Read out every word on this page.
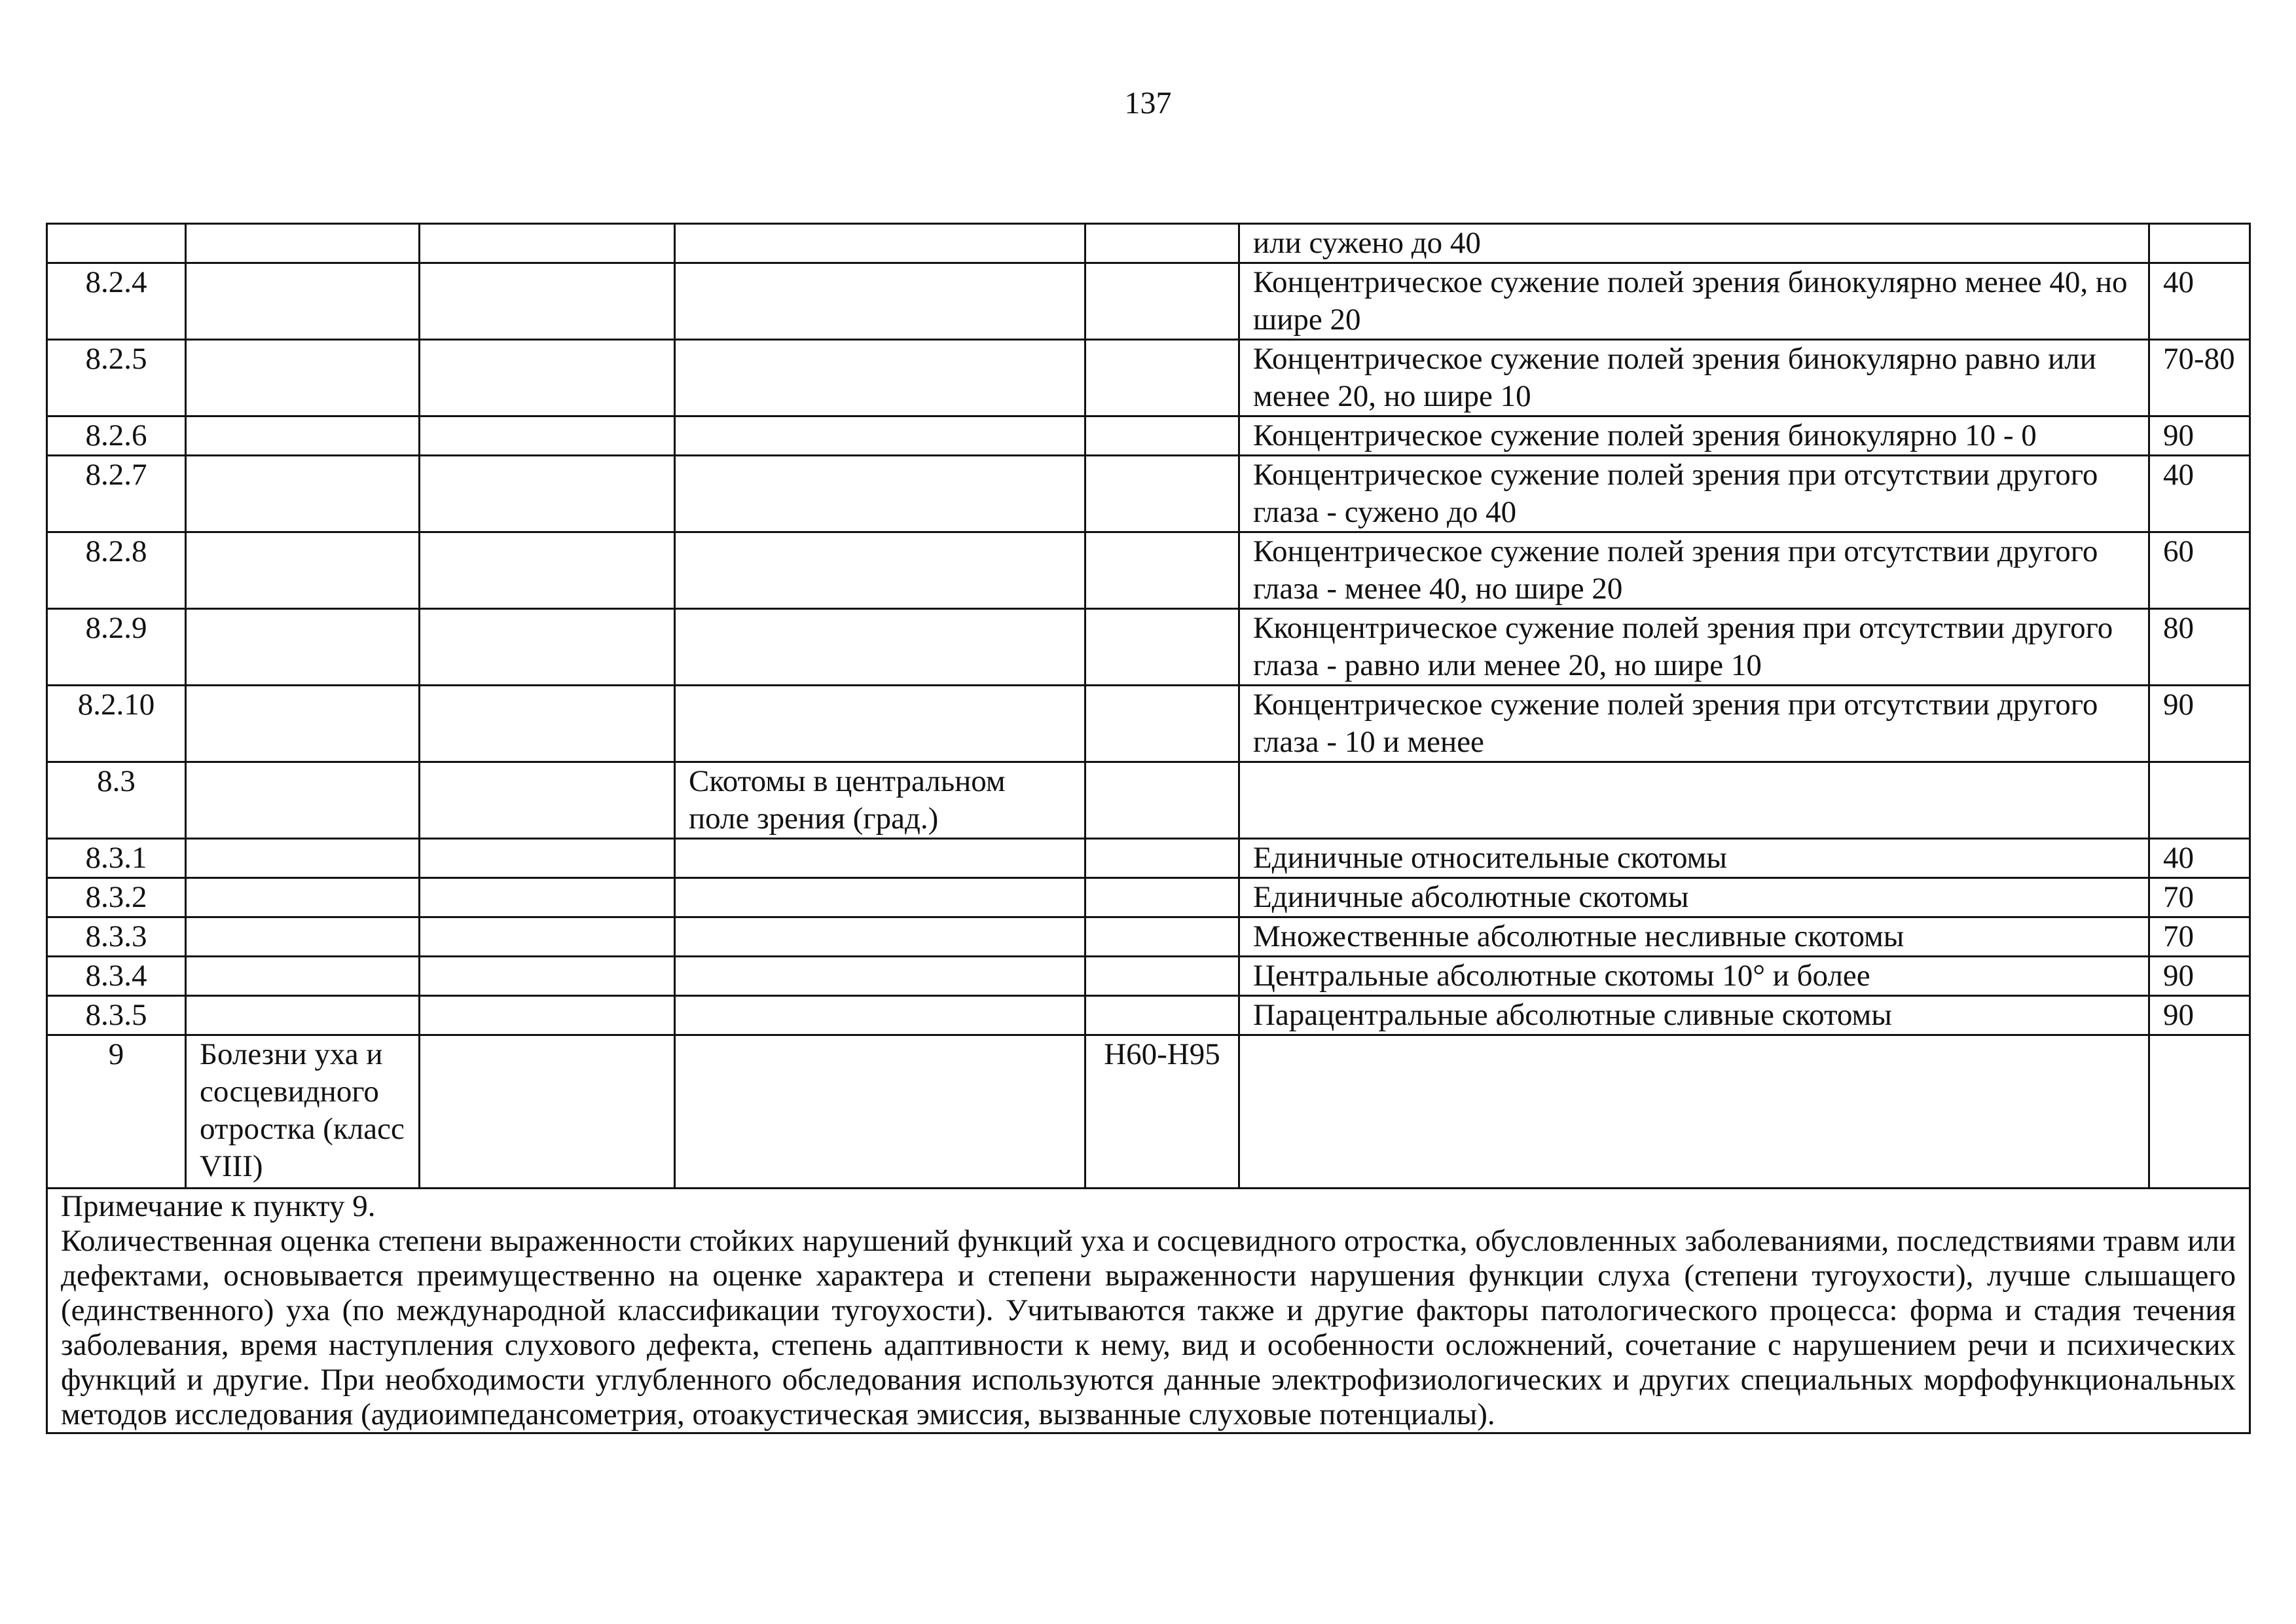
137
					или сужено до 40	
8.2.4					Концентрическое сужение полей зрения бинокулярно менее 40, но шире 20	40
8.2.5					Концентрическое сужение полей зрения бинокулярно равно или менее 20, но шире 10	70-80
8.2.6					Концентрическое сужение полей зрения бинокулярно 10 - 0	90
8.2.7					Концентрическое сужение полей зрения при отсутствии другого глаза - сужено до 40	40
8.2.8					Концентрическое сужение полей зрения при отсутствии другого глаза - менее 40, но шире 20	60
8.2.9					Кконцентрическое сужение полей зрения при отсутствии другого глаза - равно или менее 20, но шире 10	80
8.2.10					Концентрическое сужение полей зрения при отсутствии другого глаза - 10 и менее	90
8.3			Скотомы в центральном поле зрения (град.)			
8.3.1					Единичные относительные скотомы	40
8.3.2					Единичные абсолютные скотомы	70
8.3.3					Множественные абсолютные несливные скотомы	70
8.3.4					Центральные абсолютные скотомы 10° и более	90
8.3.5					Парацентральные абсолютные сливные скотомы	90
9	Болезни уха и сосцевидного отростка (класс VIII)			H60-H95		

Примечание к пункту 9.
Количественная оценка степени выраженности стойких нарушений функций уха и сосцевидного отростка, обусловленных заболеваниями, последствиями травм или дефектами, основывается преимущественно на оценке характера и степени выраженности нарушения функции слуха (степени тугоухости), лучше слышащего (единственного) уха (по международной классификации тугоухости). Учитываются также и другие факторы патологического процесса: форма и стадия течения заболевания, время наступления слухового дефекта, степень адаптивности к нему, вид и особенности осложнений, сочетание с нарушением речи и психических функций и другие. При необходимости углубленного обследования используются данные электрофизиологических и других специальных морфофункциональных методов исследования (аудиоимпедансометрия, отоакустическая эмиссия, вызванные слуховые потенциалы).						
